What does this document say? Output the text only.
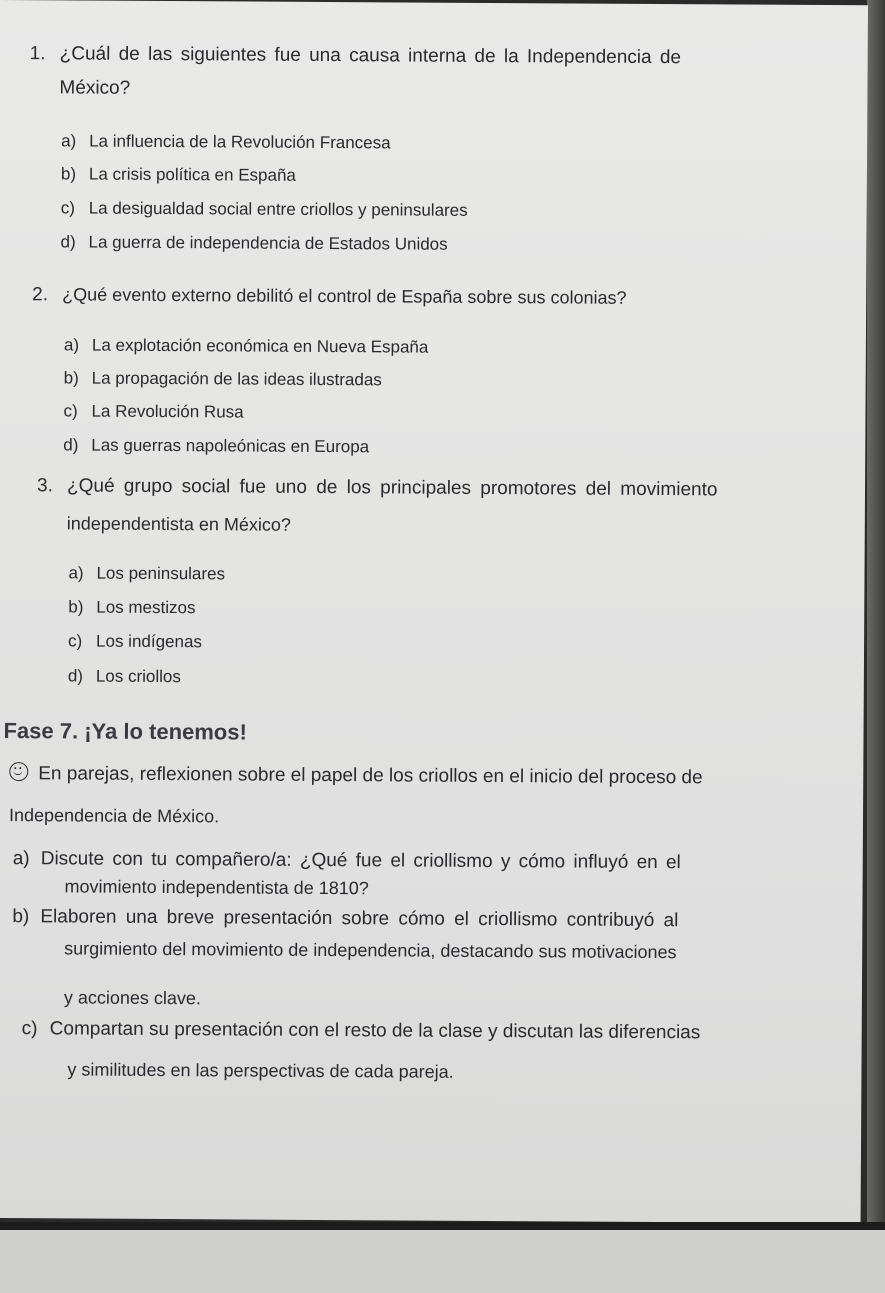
1. ¿Cuál de las siguientes fue una causa interna de la Independencia de
México?
a) La influencia de la Revolución Francesa
b) La crisis política en España
c) La desigualdad social entre criollos y peninsulares
d) La guerra de independencia de Estados Unidos
2. ¿Qué evento externo debilitó el control de España sobre sus colonias?
a) La explotación económica en Nueva España
b) La propagación de las ideas ilustradas
c) La Revolución Rusa
d) Las guerras napoleónicas en Europa
3. ¿Qué grupo social fue uno de los principales promotores del movimiento
independentista en México?
a) Los peninsulares
b) Los mestizos
c) Los indígenas
d) Los criollos
Fase 7. ¡Ya lo tenemos!
En parejas, reflexionen sobre el papel de los criollos en el inicio del proceso de
Independencia de México.
a) Discute con tu compañero/a: ¿Qué fue el criollismo y cómo influyó en el
movimiento independentista de 1810?
b) Elaboren una breve presentación sobre cómo el criollismo contribuyó al
surgimiento del movimiento de independencia, destacando sus motivaciones
y acciones clave.
c) Compartan su presentación con el resto de la clase y discutan las diferencias
y similitudes en las perspectivas de cada pareja.
